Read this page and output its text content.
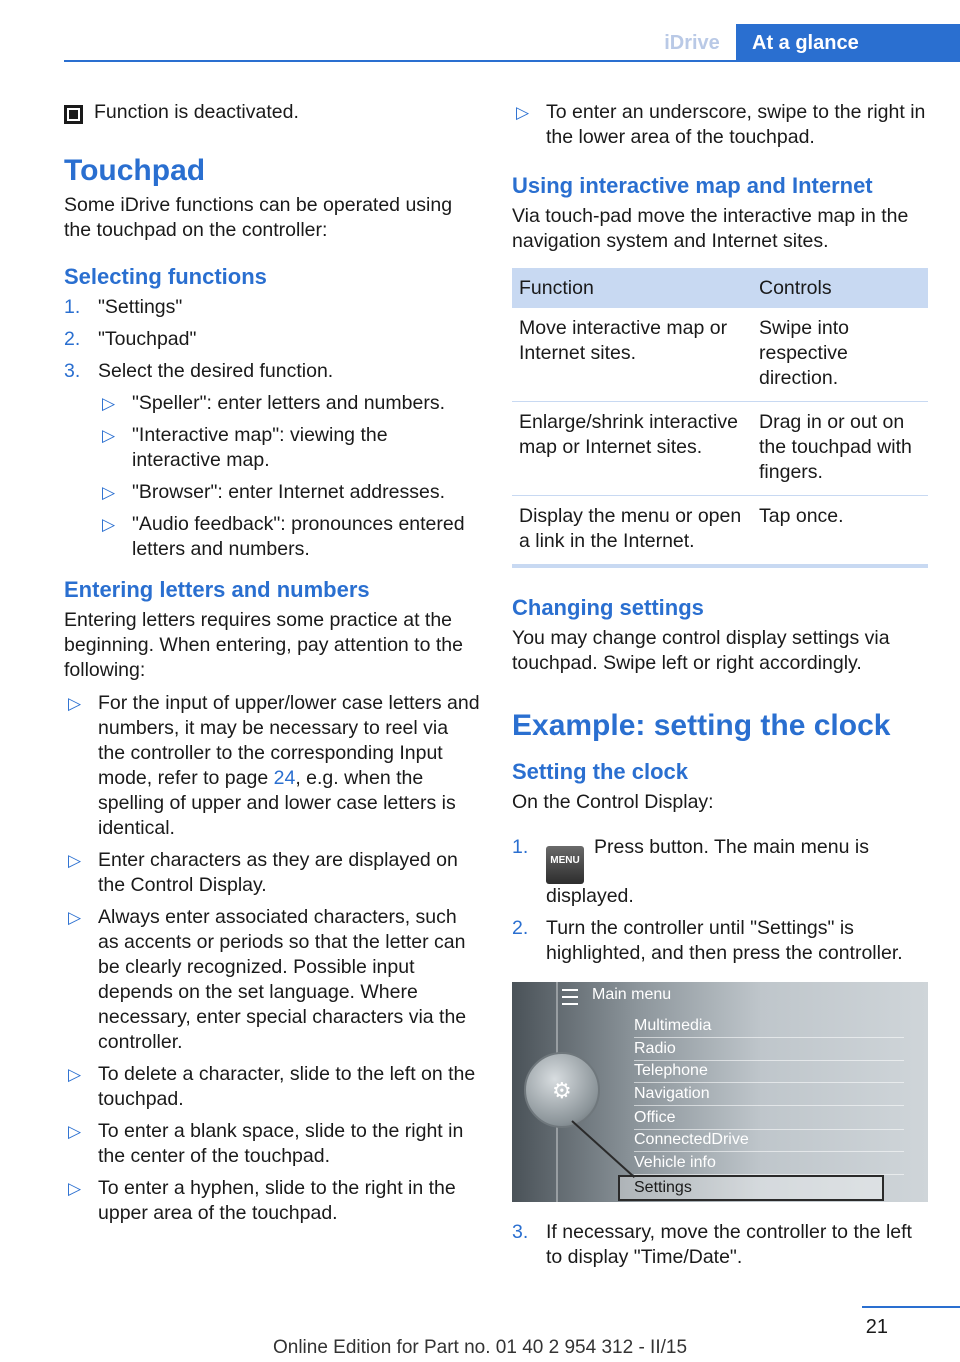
iDrive	At a glance

Function is deactivated.

Touchpad

Some iDrive functions can be operated using the touchpad on the controller:

Selecting functions
1. "Settings"
2. "Touchpad"
3. Select the desired function.
▷ "Speller": enter letters and numbers.
▷ "Interactive map": viewing the interactive map.
▷ "Browser": enter Internet addresses.
▷ "Audio feedback": pronounces entered letters and numbers.
Entering letters and numbers

Entering letters requires some practice at the beginning. When entering, pay attention to the following:

▷ For the input of upper/lower case letters and numbers, it may be necessary to reel via the controller to the corresponding Input mode, refer to page 24, e.g. when the spelling of upper and lower case letters is identical.
▷ Enter characters as they are displayed on the Control Display.
▷ Always enter associated characters, such as accents or periods so that the letter can be clearly recognized. Possible input depends on the set language. Where necessary, enter special characters via the controller.
▷ To delete a character, slide to the left on the touchpad.
▷ To enter a blank space, slide to the right in the center of the touchpad.
▷ To enter a hyphen, slide to the right in the upper area of the touchpad.
▷ To enter an underscore, swipe to the right in the lower area of the touchpad.
Using interactive map and Internet

Via touch-pad move the interactive map in the navigation system and Internet sites.

Function	Controls
Move interactive map or Internet sites.	Swipe into respective direction.
Enlarge/shrink interactive map or Internet sites.	Drag in or out on the touchpad with fingers.
Display the menu or open a link in the Internet.	Tap once.
Changing settings

You may change control display settings via touchpad. Swipe left or right accordingly.

Example: setting the clock
Setting the clock

On the Control Display:

1.
MENUPress button. The main menu is displayed.
2. Turn the controller until "Settings" is highlighted, and then press the controller.
Main menu
Multimedia
Radio
Telephone
Navigation
Office
ConnectedDrive
Vehicle info
Settings
⚙
3. If necessary, move the controller to the left to display "Time/Date".
21
Online Edition for Part no. 01 40 2 954 312 - II/15
